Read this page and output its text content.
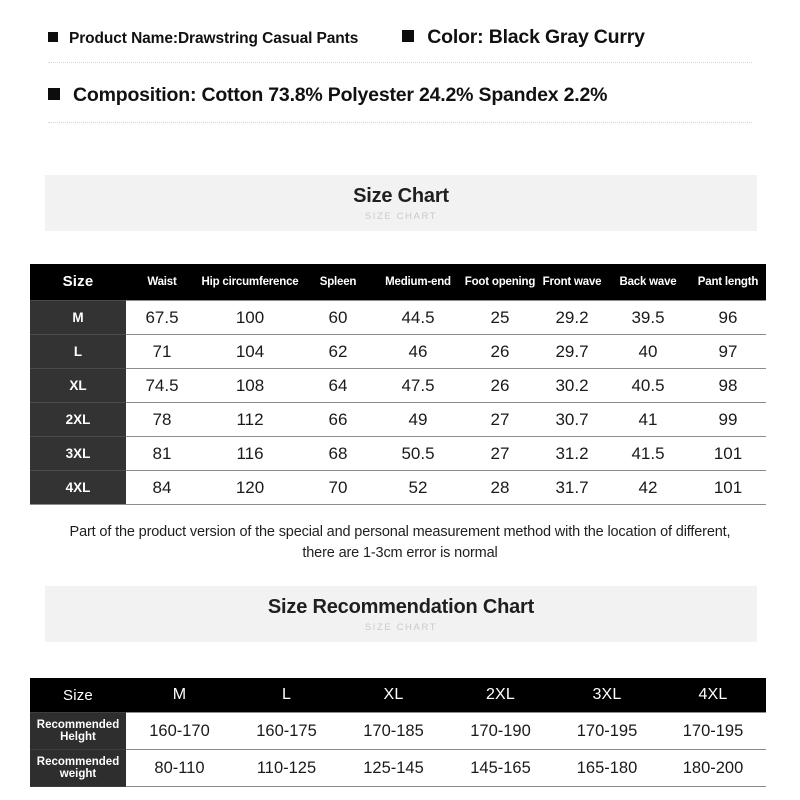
Product Name:Drawstring Casual Pants	Color: Black Gray Curry
Composition: Cotton 73.8% Polyester 24.2% Spandex 2.2%
Size Chart
SIZE CHART
Size	Waist	Hip circumference	Spleen	Medium-end	Foot opening	Front wave	Back wave	Pant length
M	67.5	100	60	44.5	25	29.2	39.5	96
L	71	104	62	46	26	29.7	40	97
XL	74.5	108	64	47.5	26	30.2	40.5	98
2XL	78	112	66	49	27	30.7	41	99
3XL	81	116	68	50.5	27	31.2	41.5	101
4XL	84	120	70	52	28	31.7	42	101
Part of the product version of the special and personal measurement method with the location of different, there are 1-3cm error is normal
Size Recommendation Chart
SIZE CHART
Size	M	L	XL	2XL	3XL	4XL
Recommended
Helght	160-170	160-175	170-185	170-190	170-195	170-195
Recommended
weight	80-110	110-125	125-145	145-165	165-180	180-200
